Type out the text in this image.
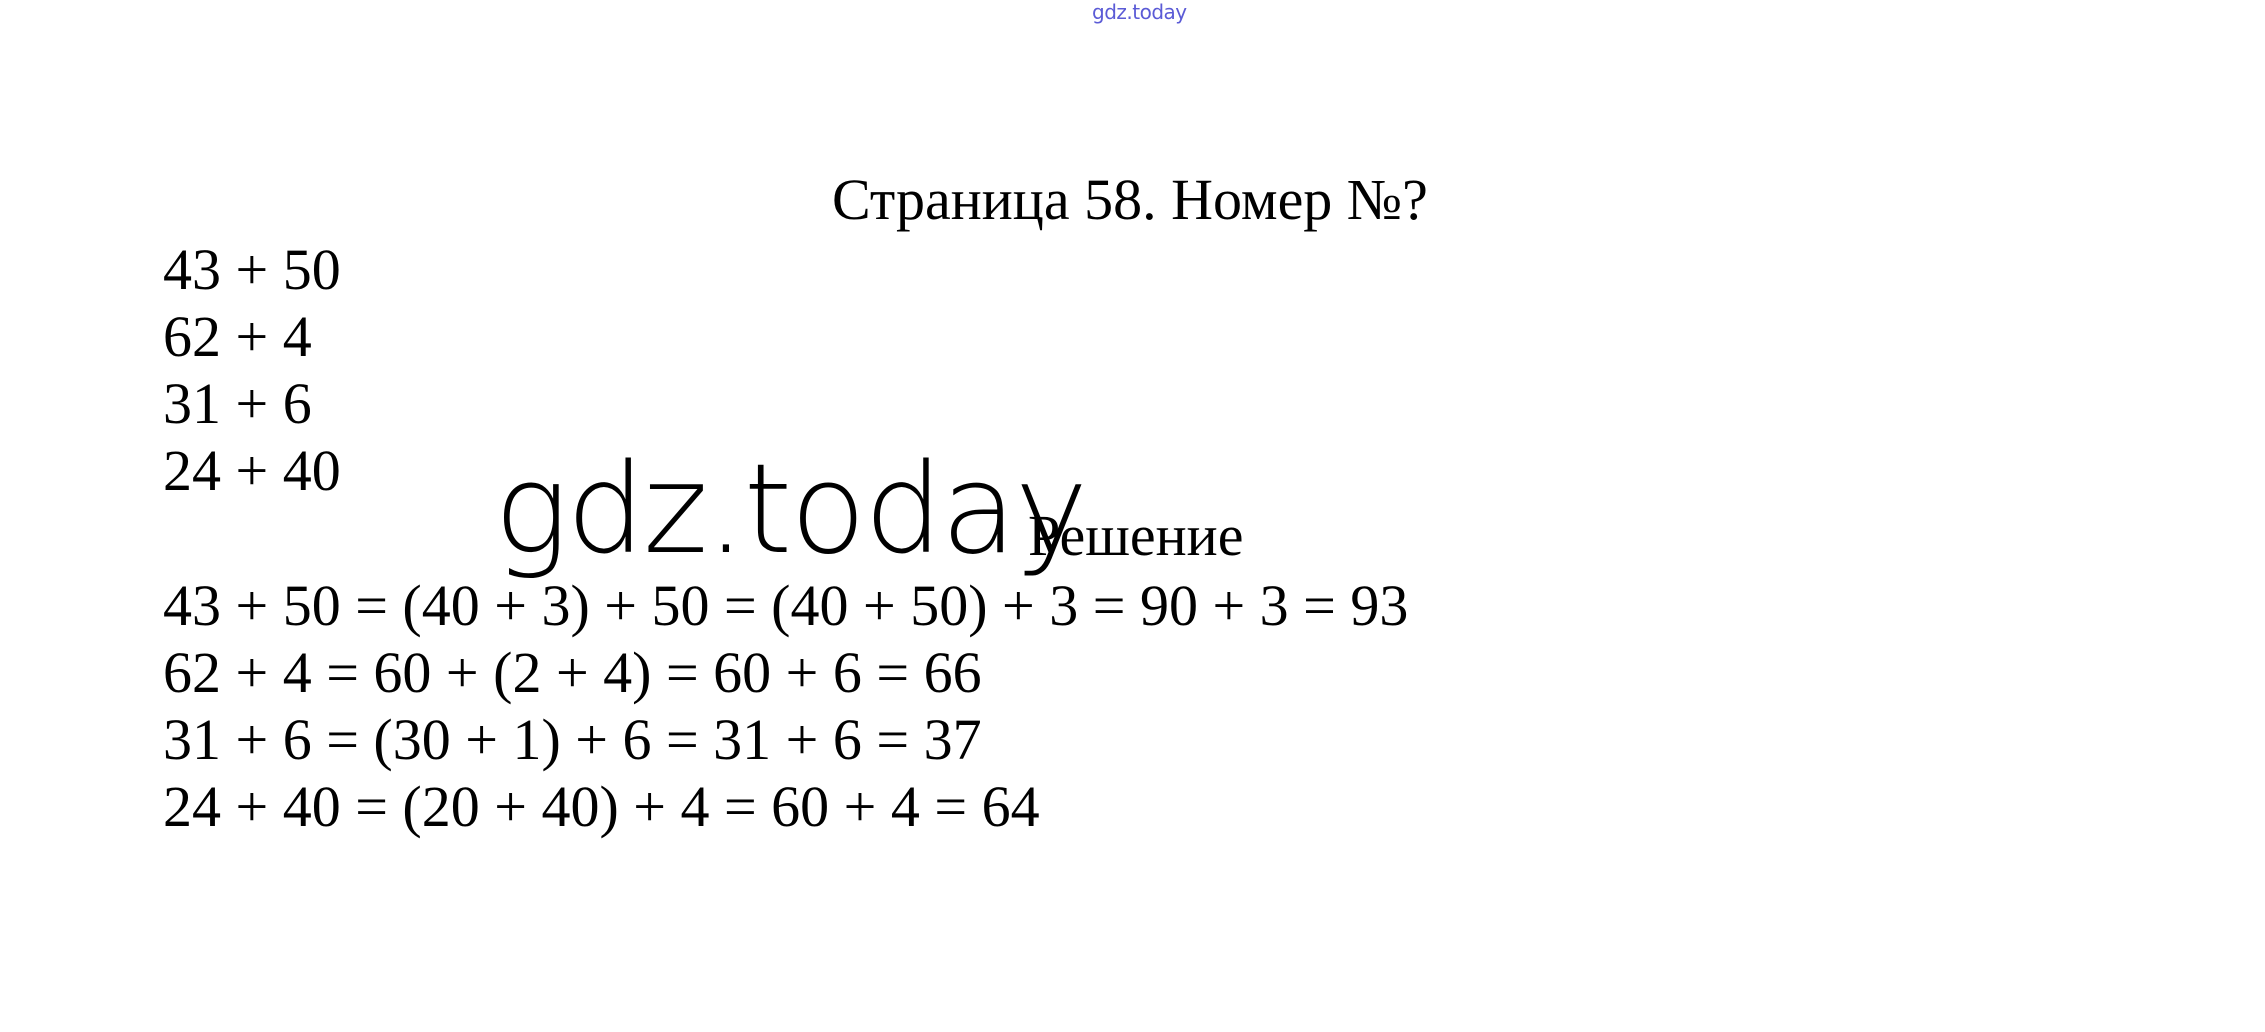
gdz.today
Страница 58. Номер №?
43 + 50
62 + 4
31 + 6
24 + 40 gdz.today
Решение
43 + 50 = (40 + 3) + 50 = (40 + 50) + 3 = 90 + 3 = 93
62 + 4 = 60 + (2 + 4) = 60 + 6 = 66
31 + 6 = (30 + 1) + 6 = 31 + 6 = 37
24 + 40 = (20 + 40) + 4 = 60 + 4 = 64
